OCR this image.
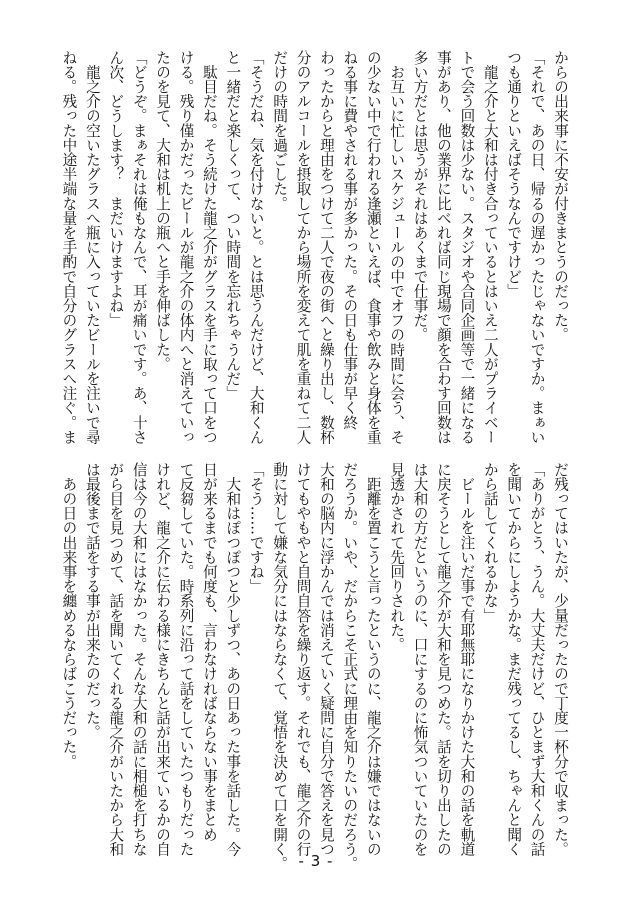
からの出来事に不安が付きまとうのだった。
「それで、あの日、帰るの遅かったじゃないですか。まぁい
つも通りといえばそうなんですけど」
　龍之介と大和は付き合っているとはいえ二人がプライベー
トで会う回数は少ない。スタジオや合同企画等で一緒になる
事があり、他の業界に比べれば同じ現場で顔を合わす回数は
多い方だとは思うがそれはあくまで仕事だ。
　お互いに忙しいスケジュールの中でオフの時間に会う、そ
の少ない中で行われる逢瀬といえば、食事や飲みと身体を重
ねる事に費やされる事が多かった。その日も仕事が早く終
わったからと理由をつけて二人で夜の街へと繰り出し、数杯
分のアルコールを摂取してから場所を変えて肌を重ねて二人
だけの時間を過ごした。
「そうだね、気を付けないと。とは思うんだけど、大和くん
と一緒だと楽しくって、つい時間を忘れちゃうんだ」
　駄目だね。そう続けた龍之介がグラスを手に取って口をつ
ける。残り僅かだったビールが龍之介の体内へと消えていっ
たのを見て、大和は机上の瓶へと手を伸ばした。
「どうぞ。まぁそれは俺もなんで、耳が痛いです。あ、十さ
ん次、どうします？　まだいけますよね」
　龍之介の空いたグラスへ瓶に入っていたビールを注いで尋
ねる。残った中途半端な量を手酌で自分のグラスへ注ぐ。ま
だ残ってはいたが、少量だったので丁度一杯分で収まった。
「ありがとう、うん。大丈夫だけど、ひとまず大和くんの話
を聞いてからにしようかな。まだ残ってるし、ちゃんと聞く
から話してくれるかな」
　ビールを注いだ事で有耶無耶になりかけた大和の話を軌道
に戻そうとして龍之介が大和を見つめた。話を切り出したの
は大和の方だというのに、口にするのに怖気ついていたのを
見透かされて先回りされた。
　距離を置こうと言ったというのに、龍之介は嫌ではないの
だろうか。いや、だからこそ正式に理由を知りたいのだろう。
大和の脳内に浮かんでは消えていく疑問に自分で答えを見つ
けてもやもやと自問自答を繰り返す。それでも、龍之介の行
動に対して嫌な気分にはならなくて、覚悟を決めて口を開く。
「そう……ですね」
　大和はぽつぽつと少しずつ、あの日あった事を話した。今
日が来るまでも何度も、言わなければならない事をまとめ
て反芻していた。時系列に沿って話をしていたつもりだった
けれど、龍之介に伝わる様にきちんと話が出来ているかの自
信は今の大和にはなかった。そんな大和の話に相槌を打ちな
がら目を見つめて、話を聞いてくれる龍之介がいたから大和
は最後まで話をする事が出来たのだった。
　あの日の出来事を纏めるならばこうだった。
- 3 -
